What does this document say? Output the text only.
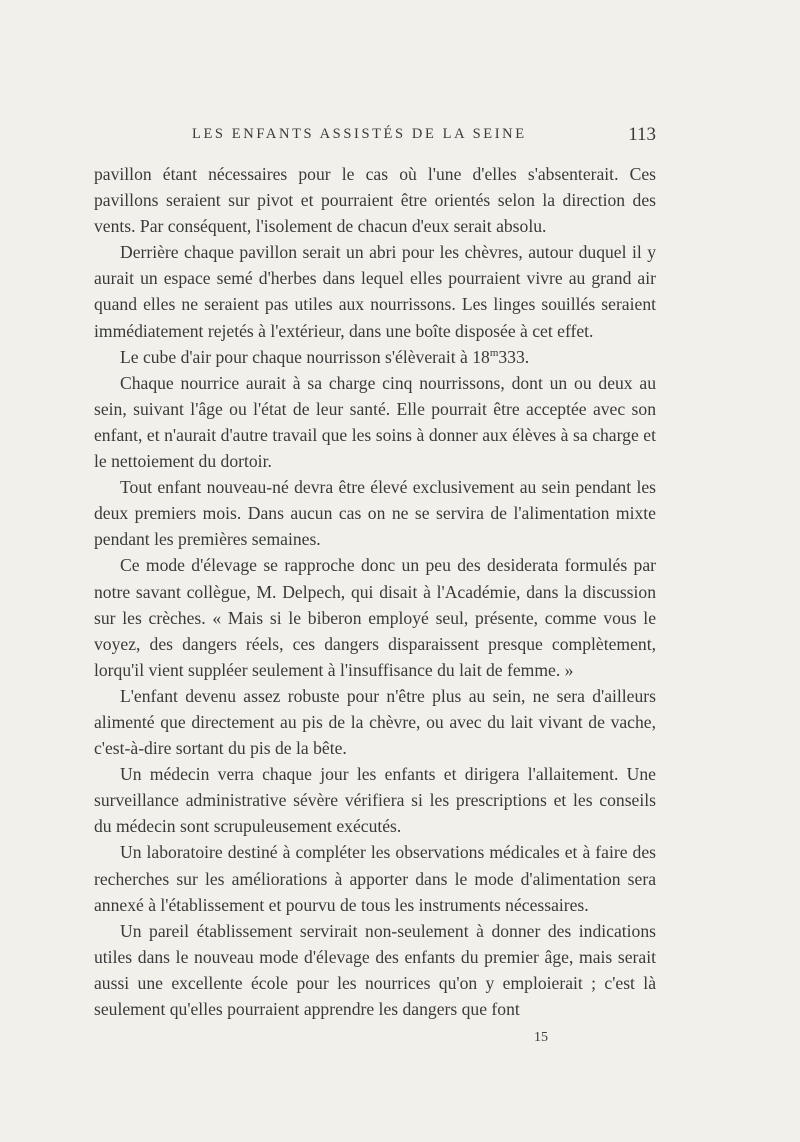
LES ENFANTS ASSISTÉS DE LA SEINE	113

pavillon étant nécessaires pour le cas où l'une d'elles s'absenterait. Ces pavillons seraient sur pivot et pourraient être orientés selon la direction des vents. Par conséquent, l'isolement de chacun d'eux serait absolu.

Derrière chaque pavillon serait un abri pour les chèvres, autour duquel il y aurait un espace semé d'herbes dans lequel elles pourraient vivre au grand air quand elles ne seraient pas utiles aux nourrissons. Les linges souillés seraient immédiatement rejetés à l'extérieur, dans une boîte disposée à cet effet.

Le cube d'air pour chaque nourrisson s'élèverait à 18$^m$333.

Chaque nourrice aurait à sa charge cinq nourrissons, dont un ou deux au sein, suivant l'âge ou l'état de leur santé. Elle pourrait être acceptée avec son enfant, et n'aurait d'autre travail que les soins à donner aux élèves à sa charge et le nettoiement du dortoir.

Tout enfant nouveau-né devra être élevé exclusivement au sein pendant les deux premiers mois. Dans aucun cas on ne se servira de l'alimentation mixte pendant les premières semaines.

Ce mode d'élevage se rapproche donc un peu des desiderata formulés par notre savant collègue, M. Delpech, qui disait à l'Académie, dans la discussion sur les crèches. « Mais si le biberon employé seul, présente, comme vous le voyez, des dangers réels, ces dangers disparaissent presque complètement, lorqu'il vient suppléer seulement à l'insuffisance du lait de femme. »

L'enfant devenu assez robuste pour n'être plus au sein, ne sera d'ailleurs alimenté que directement au pis de la chèvre, ou avec du lait vivant de vache, c'est-à-dire sortant du pis de la bête.

Un médecin verra chaque jour les enfants et dirigera l'allaitement. Une surveillance administrative sévère vérifiera si les prescriptions et les conseils du médecin sont scrupuleusement exécutés.

Un laboratoire destiné à compléter les observations médicales et à faire des recherches sur les améliorations à apporter dans le mode d'alimentation sera annexé à l'établissement et pourvu de tous les instruments nécessaires.

Un pareil établissement servirait non-seulement à donner des indications utiles dans le nouveau mode d'élevage des enfants du premier âge, mais serait aussi une excellente école pour les nourrices qu'on y emploierait ; c'est là seulement qu'elles pourraient apprendre les dangers que font

15
